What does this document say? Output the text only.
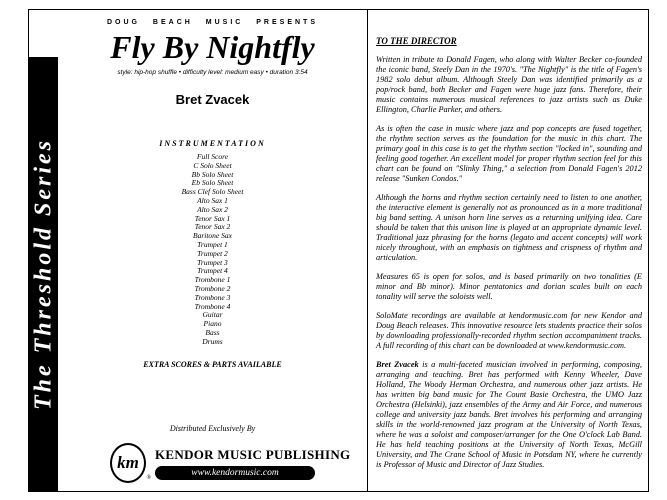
The Threshold Series
DOUG BEACH MUSIC PRESENTS
Fly By Nightfly
style: hip-hop shuffle • difficulty level: medium easy • duration 3:54
Bret Zvacek
INSTRUMENTATION
Full Score
C Solo Sheet
Bb Solo Sheet
Eb Solo Sheet
Bass Clef Solo Sheet
Alto Sax 1
Alto Sax 2
Tenor Sax 1
Tenor Sax 2
Baritone Sax
Trumpet 1
Trumpet 2
Trumpet 3
Trumpet 4
Trombone 1
Trombone 2
Trombone 3
Trombone 4
Guitar
Piano
Bass
Drums
EXTRA SCORES & PARTS AVAILABLE
Distributed Exclusively By
km
®
KENDOR MUSIC PUBLISHING
www.kendormusic.com
TO THE DIRECTOR

Written in tribute to Donald Fagen, who along with Walter Becker co-founded the iconic band, Steely Dan in the 1970's. "The Nightfly" is the title of Fagen's 1982 solo debut album. Although Steely Dan was identified primarily as a pop/rock band, both Becker and Fagen were huge jazz fans. Therefore, their music contains numerous musical references to jazz artists such as Duke Ellington, Charlie Parker, and others.

As is often the case in music where jazz and pop concepts are fused together, the rhythm section serves as the foundation for the music in this chart. The primary goal in this case is to get the rhythm section "locked in", sounding and feeling good together. An excellent model for proper rhythm section feel for this chart can be found on "Slinky Thing," a selection from Donald Fagen's 2012 release "Sunken Condos."

Although the horns and rhythm section certainly need to listen to one another, the interactive element is generally not as pronounced as in a more traditional big band setting. A unison horn line serves as a returning unifying idea. Care should be taken that this unison line is played at an appropriate dynamic level. Traditional jazz phrasing for the horns (legato and accent concepts) will work nicely throughout, with an emphasis on tightness and crispness of rhythm and articulation.

Measures 65 is open for solos, and is based primarily on two tonalities (E minor and Bb minor). Minor pentatonics and dorian scales built on each tonality will serve the soloists well.

SoloMate recordings are available at kendormusic.com for new Kendor and Doug Beach releases. This innovative resource lets students practice their solos by downloading professionally-recorded rhythm section accompaniment tracks. A full recording of this chart can be downloaded at www.kendormusic.com.

Bret Zvacek is a multi-faceted musician involved in performing, composing, arranging and teaching. Bret has performed with Kenny Wheeler, Dave Holland, The Woody Herman Orchestra, and numerous other jazz artists. He has written big band music for The Count Basie Orchestra, the UMO Jazz Orchestra (Helsinki), jazz ensembles of the Army and Air Force, and numerous college and university jazz bands. Bret involves his performing and arranging skills in the world-renowned jazz program at the University of North Texas, where he was a soloist and composer/arranger for the One O'clock Lab Band. He has held teaching positions at the University of North Texas, McGill University, and The Crane School of Music in Potsdam NY, where he currently is Professor of Music and Director of Jazz Studies.
